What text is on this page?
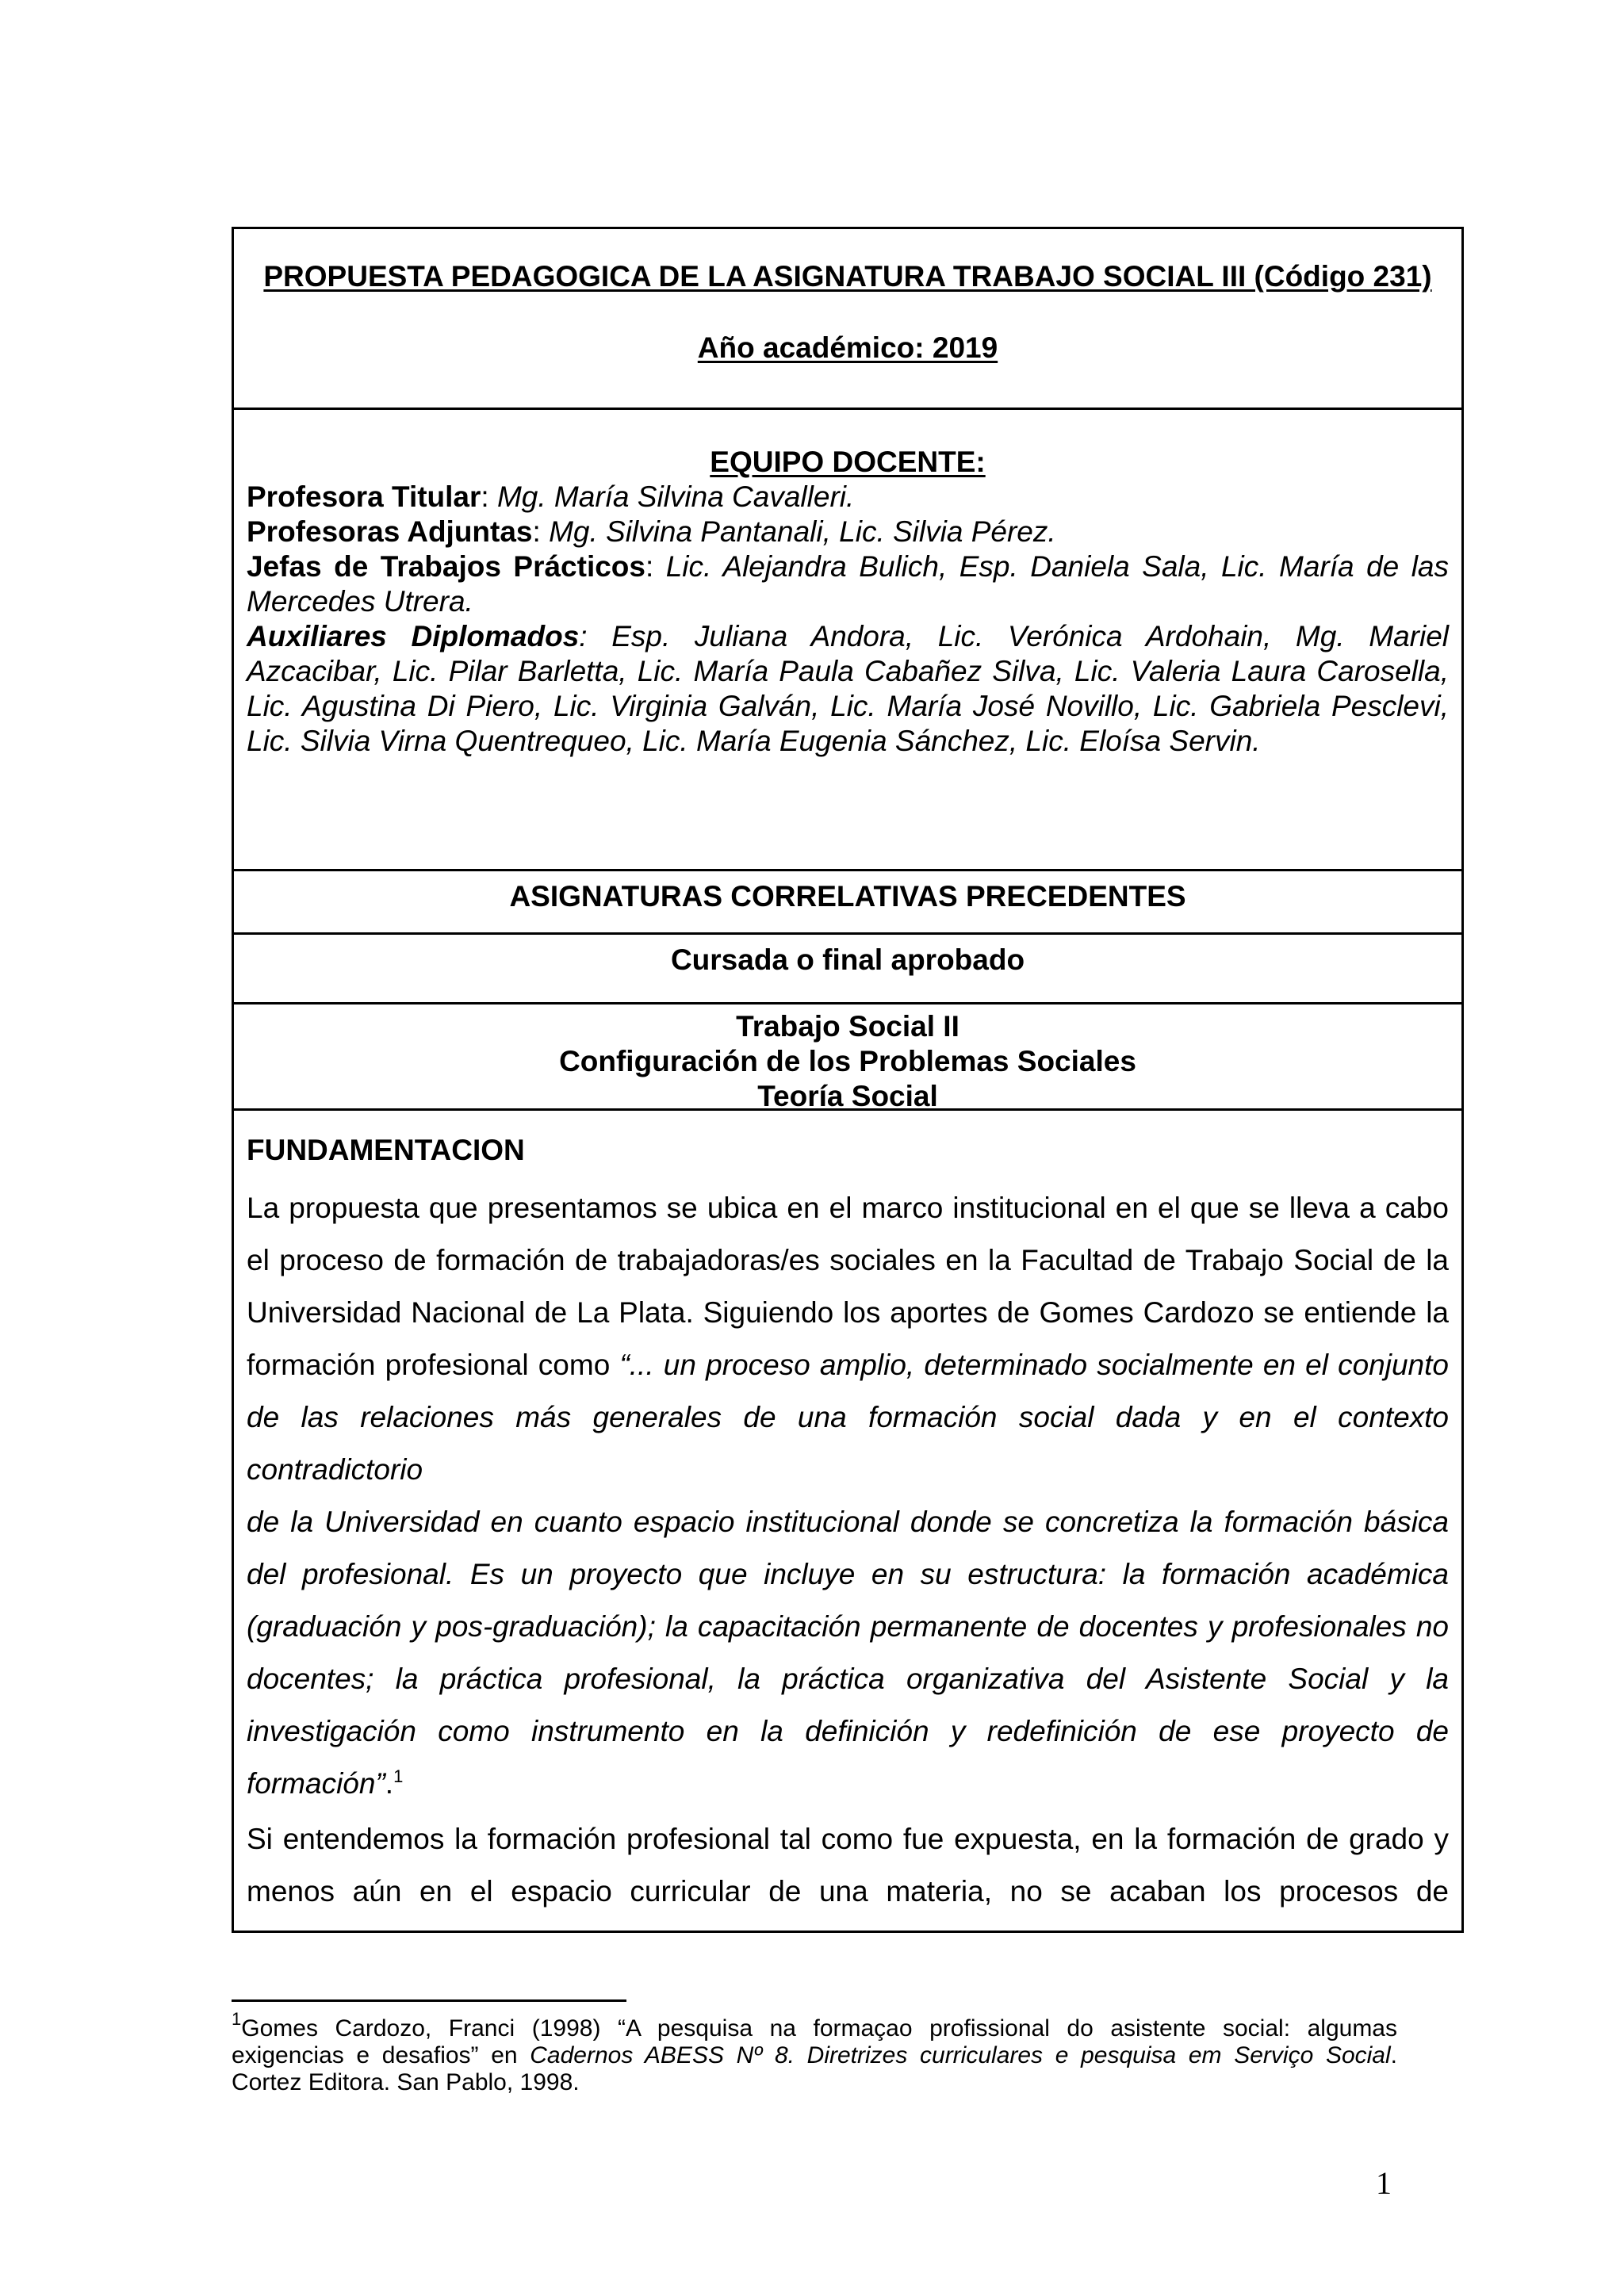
PROPUESTA PEDAGOGICA DE LA ASIGNATURA TRABAJO SOCIAL III (Código 231)
Año académico: 2019
EQUIPO DOCENTE:

Profesora Titular: Mg. María Silvina Cavalleri.

Profesoras Adjuntas: Mg. Silvina Pantanali, Lic. Silvia Pérez.

Jefas de Trabajos Prácticos: Lic. Alejandra Bulich, Esp. Daniela Sala, Lic. María de las

Mercedes Utrera.

Auxiliares Diplomados: Esp. Juliana Andora, Lic. Verónica Ardohain, Mg. Mariel

Azcacibar, Lic. Pilar Barletta, Lic. María Paula Cabañez Silva, Lic. Valeria Laura Carosella,

Lic. Agustina Di Piero, Lic. Virginia Galván, Lic. María José Novillo, Lic. Gabriela Pesclevi,

Lic. Silvia Virna Quentrequeo, Lic. María Eugenia Sánchez, Lic. Eloísa Servin.

ASIGNATURAS CORRELATIVAS PRECEDENTES
Cursada o final aprobado
Trabajo Social II
Configuración de los Problemas Sociales
Teoría Social
FUNDAMENTACION

La propuesta que presentamos se ubica en el marco institucional en el que se lleva a cabo

el proceso de formación de trabajadoras/es sociales en la Facultad de Trabajo Social de la

Universidad Nacional de La Plata. Siguiendo los aportes de Gomes Cardozo se entiende la

formación profesional como “... un proceso amplio, determinado socialmente en el conjunto

de las relaciones más generales de una formación social dada y en el contexto contradictorio

de la Universidad en cuanto espacio institucional donde se concretiza la formación básica

del profesional. Es un proyecto que incluye en su estructura: la formación académica

(graduación y pos-graduación); la capacitación permanente de docentes y profesionales no

docentes; la práctica profesional, la práctica organizativa del Asistente Social y la

investigación como instrumento en la definición y redefinición de ese proyecto de

formación”.$^1$

Si entendemos la formación profesional tal como fue expuesta, en la formación de grado y

menos aún en el espacio curricular de una materia, no se acaban los procesos de

$^1$Gomes Cardozo, Franci (1998) “A pesquisa na formaçao profissional do asistente social: algumas

exigencias e desafios” en Cadernos ABESS Nº 8. Diretrizes curriculares e pesquisa em Serviço Social.

Cortez Editora. San Pablo, 1998.

1
